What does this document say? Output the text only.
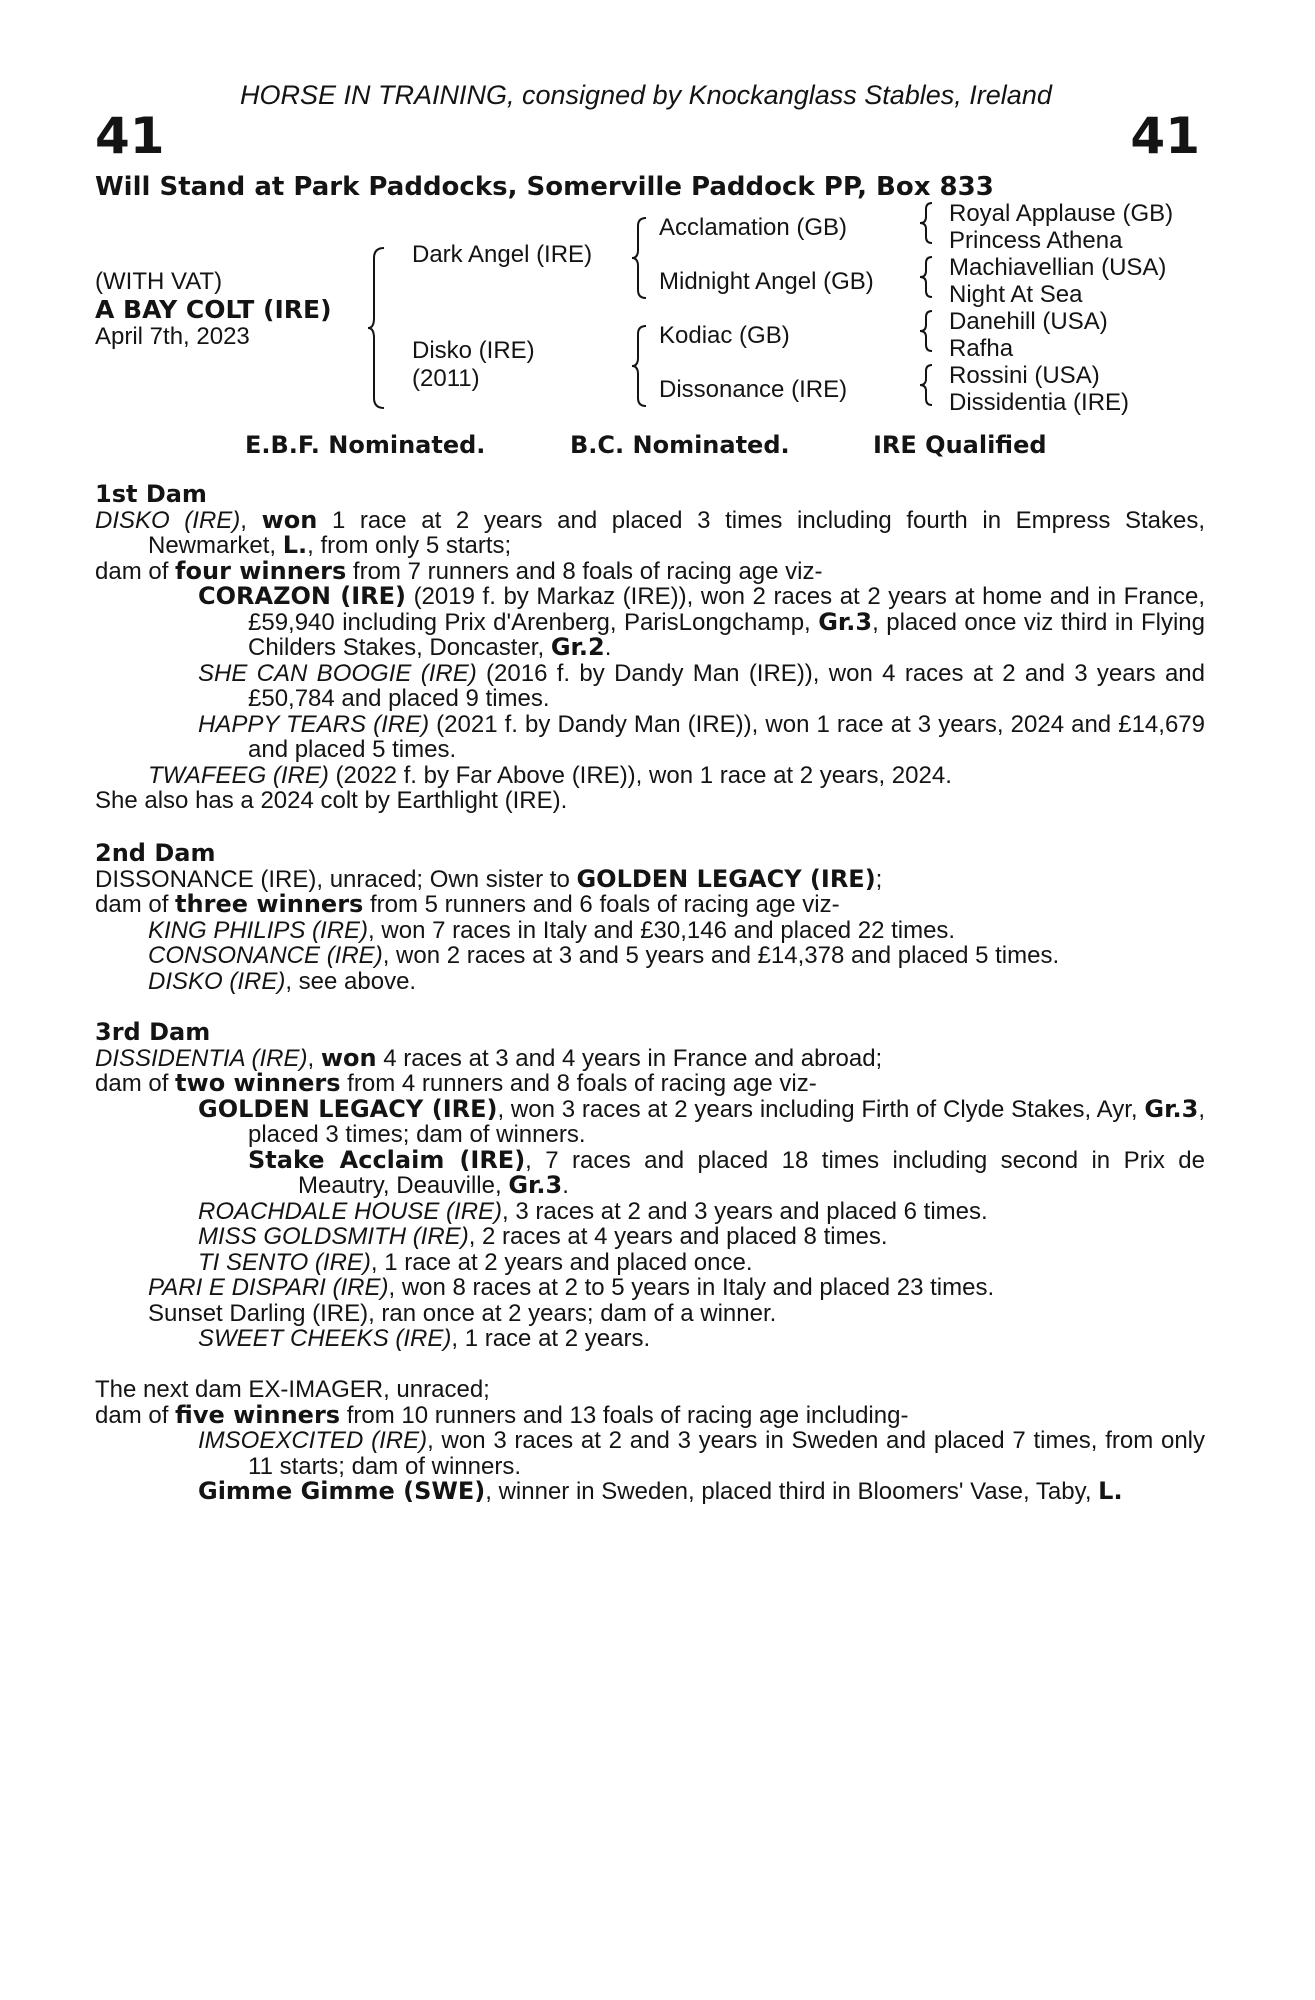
HORSE IN TRAINING, consigned by Knockanglass Stables, Ireland
41	41
Will Stand at Park Paddocks, Somerville Paddock PP, Box 833
(WITH VAT)
A BAY COLT (IRE)
April 7th, 2023
Dark Angel (IRE)
Disko (IRE)
(2011)
Acclamation (GB)
Midnight Angel (GB)
Kodiac (GB)
Dissonance (IRE)
Royal Applause (GB)
Princess Athena
Machiavellian (USA)
Night At Sea
Danehill (USA)
Rafha
Rossini (USA)
Dissidentia (IRE)
E.B.F. Nominated.	B.C. Nominated.	IRE Qualified

1st Dam

DISKO (IRE), won 1 race at 2 years and placed 3 times including fourth in Empress Stakes, Newmarket, L., from only 5 starts;

dam of four winners from 7 runners and 8 foals of racing age viz-

CORAZON (IRE) (2019 f. by Markaz (IRE)), won 2 races at 2 years at home and in France, £59,940 including Prix d'Arenberg, ParisLongchamp, Gr.3, placed once viz third in Flying Childers Stakes, Doncaster, Gr.2.

SHE CAN BOOGIE (IRE) (2016 f. by Dandy Man (IRE)), won 4 races at 2 and 3 years and £50,784 and placed 9 times.

HAPPY TEARS (IRE) (2021 f. by Dandy Man (IRE)), won 1 race at 3 years, 2024 and £14,679 and placed 5 times.

TWAFEEG (IRE) (2022 f. by Far Above (IRE)), won 1 race at 2 years, 2024.

She also has a 2024 colt by Earthlight (IRE).

2nd Dam

DISSONANCE (IRE), unraced; Own sister to GOLDEN LEGACY (IRE);

dam of three winners from 5 runners and 6 foals of racing age viz-

KING PHILIPS (IRE), won 7 races in Italy and £30,146 and placed 22 times.

CONSONANCE (IRE), won 2 races at 3 and 5 years and £14,378 and placed 5 times.

DISKO (IRE), see above.

3rd Dam

DISSIDENTIA (IRE), won 4 races at 3 and 4 years in France and abroad;

dam of two winners from 4 runners and 8 foals of racing age viz-

GOLDEN LEGACY (IRE), won 3 races at 2 years including Firth of Clyde Stakes, Ayr, Gr.3, placed 3 times; dam of winners.

Stake Acclaim (IRE), 7 races and placed 18 times including second in Prix de Meautry, Deauville, Gr.3.

ROACHDALE HOUSE (IRE), 3 races at 2 and 3 years and placed 6 times.

MISS GOLDSMITH (IRE), 2 races at 4 years and placed 8 times.

TI SENTO (IRE), 1 race at 2 years and placed once.

PARI E DISPARI (IRE), won 8 races at 2 to 5 years in Italy and placed 23 times.

Sunset Darling (IRE), ran once at 2 years; dam of a winner.

SWEET CHEEKS (IRE), 1 race at 2 years.

The next dam EX-IMAGER, unraced;

dam of five winners from 10 runners and 13 foals of racing age including-

IMSOEXCITED (IRE), won 3 races at 2 and 3 years in Sweden and placed 7 times, from only 11 starts; dam of winners.

Gimme Gimme (SWE), winner in Sweden, placed third in Bloomers' Vase, Taby, L.
